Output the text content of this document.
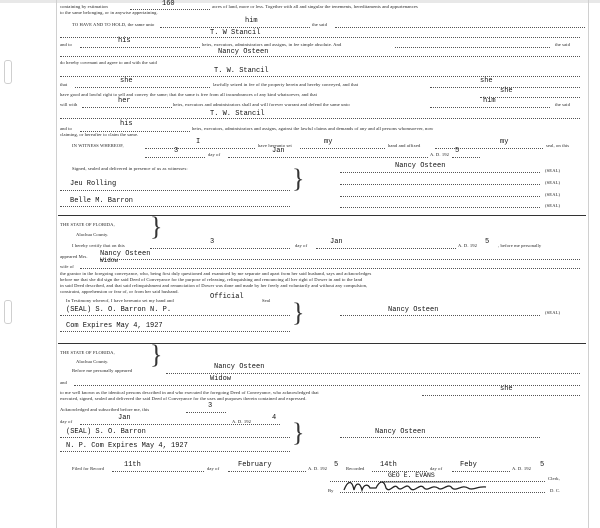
containing by estimation	160	acres of land, more or less. Together with all and singular the tenements, hereditaments and appurtenances
to the same belonging, or in anywise appertaining.
TO HAVE AND TO HOLD, the same unto	him	the said
T. W Stancil
and to	his	heirs, executors, administrators and assigns, in fee simple absolute. And	the said
Nancy Osteen
do hereby covenant and agree to and with the said
T. W. Stancil
that	she	lawfully seized in fee of the property herein and hereby conveyed, and that	she
have good and lawful right to sell and convey the same; that the same is free from all incumbrances of any kind whatsoever, and that	she
will with	her	heirs, executors and administrators shall and will forever warrant and defend the same unto	him	the said
T. W. Stancil
and to
his
heirs, executors, administrators and assigns, against the lawful claims and demands of any and all persons whomsoever, now
claiming, or hereafter to claim the same.
IN WITNESS WHEREOF,	I	have hereunto set	my	hand and affixed	my	seal, on this
3	day of	Jan	A. D. 192 5
Signed, sealed and delivered in presence of us as witnesses:
Jeu Rolling
Belle M. Barron
}	Nancy Osteen
(SEAL)
(SEAL)
(SEAL)
(SEAL)
THE STATE OF FLORIDA, }
Alachua County.
I hereby certify that on this	3	day of	Jan	A. D. 192 5 , before me personally
appeared Mrs. Nancy Osteen
Widow
wife of
the grantor in the foregoing conveyance, who, being first duly questioned and examined by me separate and apart from her said husband, says and acknowledges
before me that she did sign the said Deed of Conveyance for the purpose of releasing, relinquishing and renouncing all her right of Dower in and to the land
in said Deed described, and that said relinquishment and renunciation of Dower was done and made by her freely and voluntarily and without any compulsion,
constraint, apprehension or fear of, or from her said husband.
In Testimony whereof, I have hereunto set my hand and	Official	Seal
(SEAL) S. O. Barron N. P.
Com Expires May 4, 1927	}	Nancy Osteen	(SEAL)
THE STATE OF FLORIDA, }
Alachua County.
Before me personally appeared	Nancy Osteen
and	Widow
to me well known as the identical persons described in and who executed the foregoing Deed of Conveyance, who acknowledged that	she
executed, signed, sealed and delivered the said Deed of Conveyance for the uses and purposes therein contained and expressed.
Acknowledged and subscribed before me, this	3
day of	Jan	A. D. 192	4
(SEAL) S. O. Barron
N. P. Com Expires May 4, 1927	}	Nancy Osteen
Filed for Record	11th	day of	February	A. D. 192 5 Recorded 14th	day of	Feby	A. D. 192 5
GEO E. EVANS	Clerk,
By	D. C.
